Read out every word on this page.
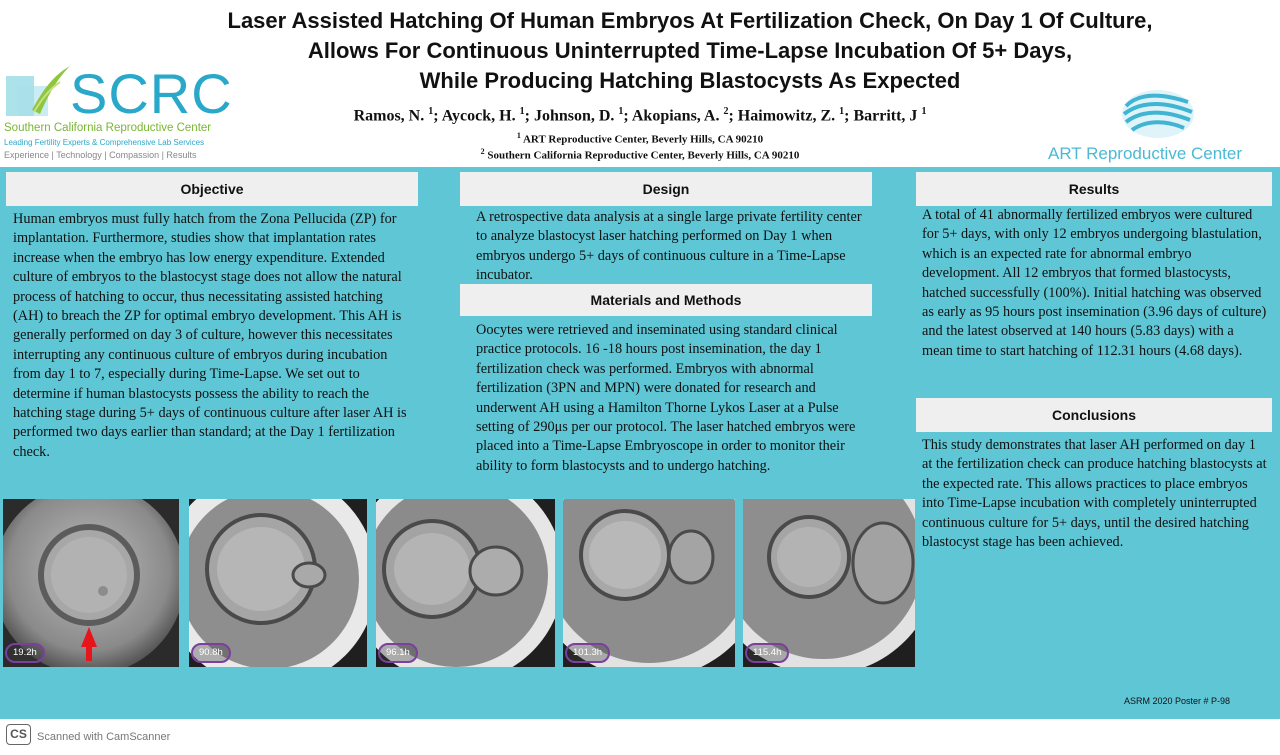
Laser Assisted Hatching Of Human Embryos At Fertilization Check, On Day 1 Of Culture,
Allows For Continuous Uninterrupted Time-Lapse Incubation Of 5+ Days,
While Producing Hatching Blastocysts As Expected
Ramos, N. $^1$; Aycock, H. $^1$; Johnson, D. $^1$; Akopians, A. $^2$; Haimowitz, Z. $^1$; Barritt, J $^1$
$^1$ ART Reproductive Center, Beverly Hills, CA 90210
$^2$ Southern California Reproductive Center, Beverly Hills, CA 90210
SCRC
Southern California Reproductive Center
Leading Fertility Experts & Comprehensive Lab Services
Experience | Technology | Compassion | Results	ART Reproductive Center
Objective
Human embryos must fully hatch from the Zona Pellucida (ZP) for implantation. Furthermore, studies show that implantation rates increase when the embryo has low energy expenditure. Extended culture of embryos to the blastocyst stage does not allow the natural process of hatching to occur, thus necessitating assisted hatching (AH) to breach the ZP for optimal embryo development. This AH is generally performed on day 3 of culture, however this necessitates interrupting any continuous culture of embryos during incubation from day 1 to 7, especially during Time-Lapse. We set out to determine if human blastocysts possess the ability to reach the hatching stage during 5+ days of continuous culture after laser AH is performed two days earlier than standard; at the Day 1 fertilization check.
Design
A retrospective data analysis at a single large private fertility center to analyze blastocyst laser hatching performed on Day 1 when embryos undergo 5+ days of continuous culture in a Time-Lapse incubator.
Materials and Methods
Oocytes were retrieved and inseminated using standard clinical practice protocols. 16 -18 hours post insemination, the day 1 fertilization check was performed. Embryos with abnormal fertilization (3PN and MPN) were donated for research and underwent AH using a Hamilton Thorne Lykos Laser at a Pulse setting of 290μs per our protocol. The laser hatched embryos were placed into a Time-Lapse Embryoscope in order to monitor their ability to form blastocysts and to undergo hatching.
Results
A total of 41 abnormally fertilized embryos were cultured for 5+ days, with only 12 embryos undergoing blastulation, which is an expected rate for abnormal embryo development. All 12 embryos that formed blastocysts, hatched successfully (100%). Initial hatching was observed as early as 95 hours post insemination (3.96 days of culture) and the latest observed at 140 hours (5.83 days) with a mean time to start hatching of 112.31 hours (4.68 days).
Conclusions
This study demonstrates that laser AH performed on day 1 at the fertilization check can produce hatching blastocysts at the expected rate. This allows practices to place embryos into Time-Lapse incubation with completely uninterrupted continuous culture for 5+ days, until the desired hatching blastocyst stage has been achieved.
19.2h	90.8h	96.1h	101.3h	115.4h
ASRM 2020 Poster # P-98
CS Scanned with CamScanner
